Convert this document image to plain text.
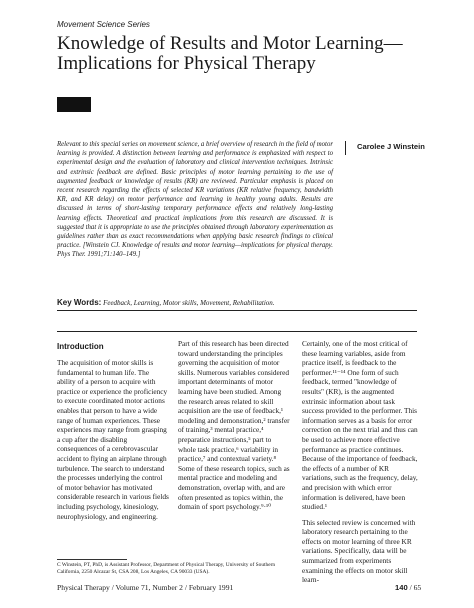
Movement Science Series
Knowledge of Results and Motor Learning— Implications for Physical Therapy

Relevant to this special series on movement science, a brief overview of research in the field of motor learning is provided. A distinction between learning and performance is emphasized with respect to experimental design and the evaluation of laboratory and clinical intervention techniques. Intrinsic and extrinsic feedback are defined. Basic principles of motor learning pertaining to the use of augmented feedback or knowledge of results (KR) are reviewed. Particular emphasis is placed on recent research regarding the effects of selected KR variations (KR relative frequency, bandwidth KR, and KR delay) on motor performance and learning in healthy young adults. Results are discussed in terms of short-lasting temporary performance effects and relatively long-lasting learning effects. Theoretical and practical implications from this research are discussed. It is suggested that it is appropriate to use the principles obtained through laboratory experimentation as guidelines rather than as exact recommendations when applying basic research findings to clinical practice. [Winstein CJ. Knowledge of results and motor learning—implications for physical therapy. Phys Ther. 1991;71:140–149.]

Carolee J Winstein
Key Words: Feedback, Learning, Motor skills, Movement, Rehabilitation.
Introduction

The acquisition of motor skills is fundamental to human life. The ability of a person to acquire with practice or experience the proficiency to execute coordinated motor actions enables that person to have a wide range of human experiences. These experiences may range from grasping a cup after the disabling consequences of a cerebrovascular accident to flying an airplane through turbulence. The search to understand the processes underlying the control of motor behavior has motivated considerable research in various fields including psychology, kinesiology, neurophysiology, and engineering.

Part of this research has been directed toward understanding the principles governing the acquisition of motor skills. Numerous variables considered important determinants of motor learning have been studied. Among the research areas related to skill acquisition are the use of feedback,¹ modeling and demonstration,² transfer of training,³ mental practice,⁴ preparatice instructions,⁵ part to whole task practice,⁶ variability in practice,⁷ and contextual variety.⁸ Some of these research topics, such as mental practice and modeling and demonstration, overlap with, and are often presented as topics within, the domain of sport psychology.⁹·¹⁰

Certainly, one of the most critical of these learning variables, aside from practice itself, is feedback to the performer.¹¹⁻¹⁴ One form of such feedback, termed "knowledge of results" (KR), is the augmented extrinsic information about task success provided to the performer. This information serves as a basis for error correction on the next trial and thus can be used to achieve more effective performance as practice continues. Because of the importance of feedback, the effects of a number of KR variations, such as the frequency, delay, and precision with which error information is delivered, have been studied.¹

This selected review is concerned with laboratory research pertaining to the effects on motor learning of three KR variations. Specifically, data will be summarized from experiments examining the effects on motor skill learn-

C Winstein, PT, PhD, is Assistant Professor, Department of Physical Therapy, University of Southern California, 2250 Alcazar St, CSA 208, Los Angeles, CA 90033 (USA).
Physical Therapy / Volume 71, Number 2 / February 1991	140 / 65
